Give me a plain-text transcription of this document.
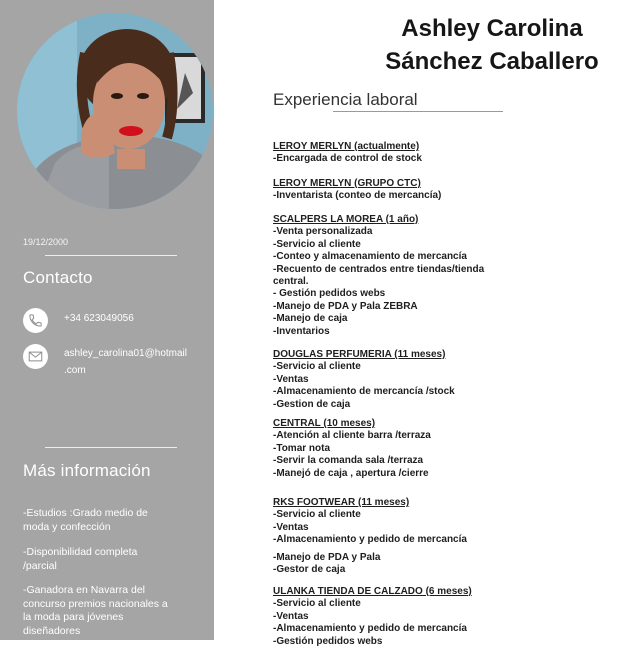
19/12/2000
Contacto
+34 623049056
ashley_carolina01@hotmail
.com
Más información
-Estudios :Grado medio de
moda y confección
-Disponibilidad completa
/parcial
-Ganadora en Navarra del
concurso premios nacionales a
la moda para jóvenes
diseñadores
Ashley Carolina
Sánchez Caballero
Experiencia laboral
LEROY MERLYN (actualmente)
-Encargada de control de stock
LEROY MERLYN (GRUPO CTC)
-Inventarista (conteo de mercancía)
SCALPERS LA MOREA (1 año)
-Venta personalizada
-Servicio al cliente
-Conteo y almacenamiento de mercancía
-Recuento de centrados entre tiendas/tienda
central.
- Gestión pedidos webs
-Manejo de PDA y Pala ZEBRA
-Manejo de caja
-Inventarios
DOUGLAS PERFUMERIA (11 meses)
-Servicio al cliente
-Ventas
-Almacenamiento de mercancía /stock
-Gestion de caja
CENTRAL (10 meses)
-Atención al cliente barra /terraza
-Tomar nota
-Servir la comanda sala /terraza
-Manejó de caja , apertura /cierre
RKS FOOTWEAR (11 meses)
-Servicio al cliente
-Ventas
-Almacenamiento y pedido de mercancía
-Manejo de PDA y Pala
-Gestor de caja
ULANKA TIENDA DE CALZADO (6 meses)
-Servicio al cliente
-Ventas
-Almacenamiento y pedido de mercancía
-Gestión pedidos webs
